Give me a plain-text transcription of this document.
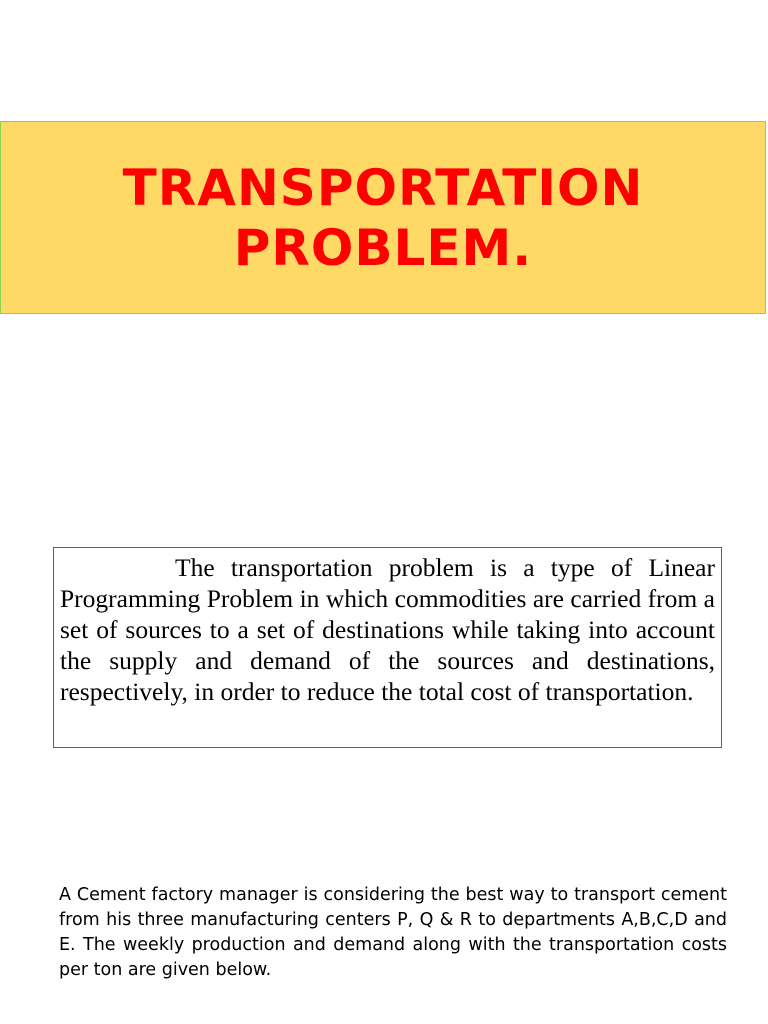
TRANSPORTATION
PROBLEM.

The transportation problem is a type of Linear Programming Problem in which commodities are carried from a set of sources to a set of destinations while taking into account the supply and demand of the sources and destinations, respectively, in order to reduce the total cost of transportation.

A Cement factory manager is considering the best way to transport cement from his three manufacturing centers P, Q & R to departments A,B,C,D and E. The weekly production and demand along with the transportation costs per ton are given below.
